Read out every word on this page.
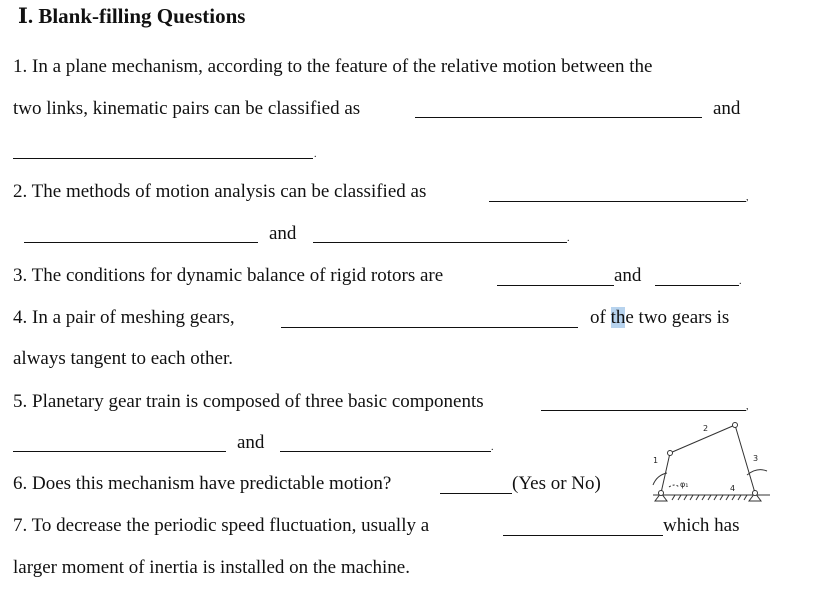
Ⅰ. Blank-filling Questions
1. In a plane mechanism, according to the feature of the relative motion between the
two links, kinematic pairs can be classified as	and
.
2. The methods of motion analysis can be classified as	,
and	.
3. The conditions for dynamic balance of rigid rotors are	and	.
4. In a pair of meshing gears,	of the two gears is
always tangent to each other.
5. Planetary gear train is composed of three basic components	,
and	.
6. Does this mechanism have predictable motion?	(Yes or No)
1
2
3
4
φ₁
7. To decrease the periodic speed fluctuation, usually a	which has
larger moment of inertia is installed on the machine.
